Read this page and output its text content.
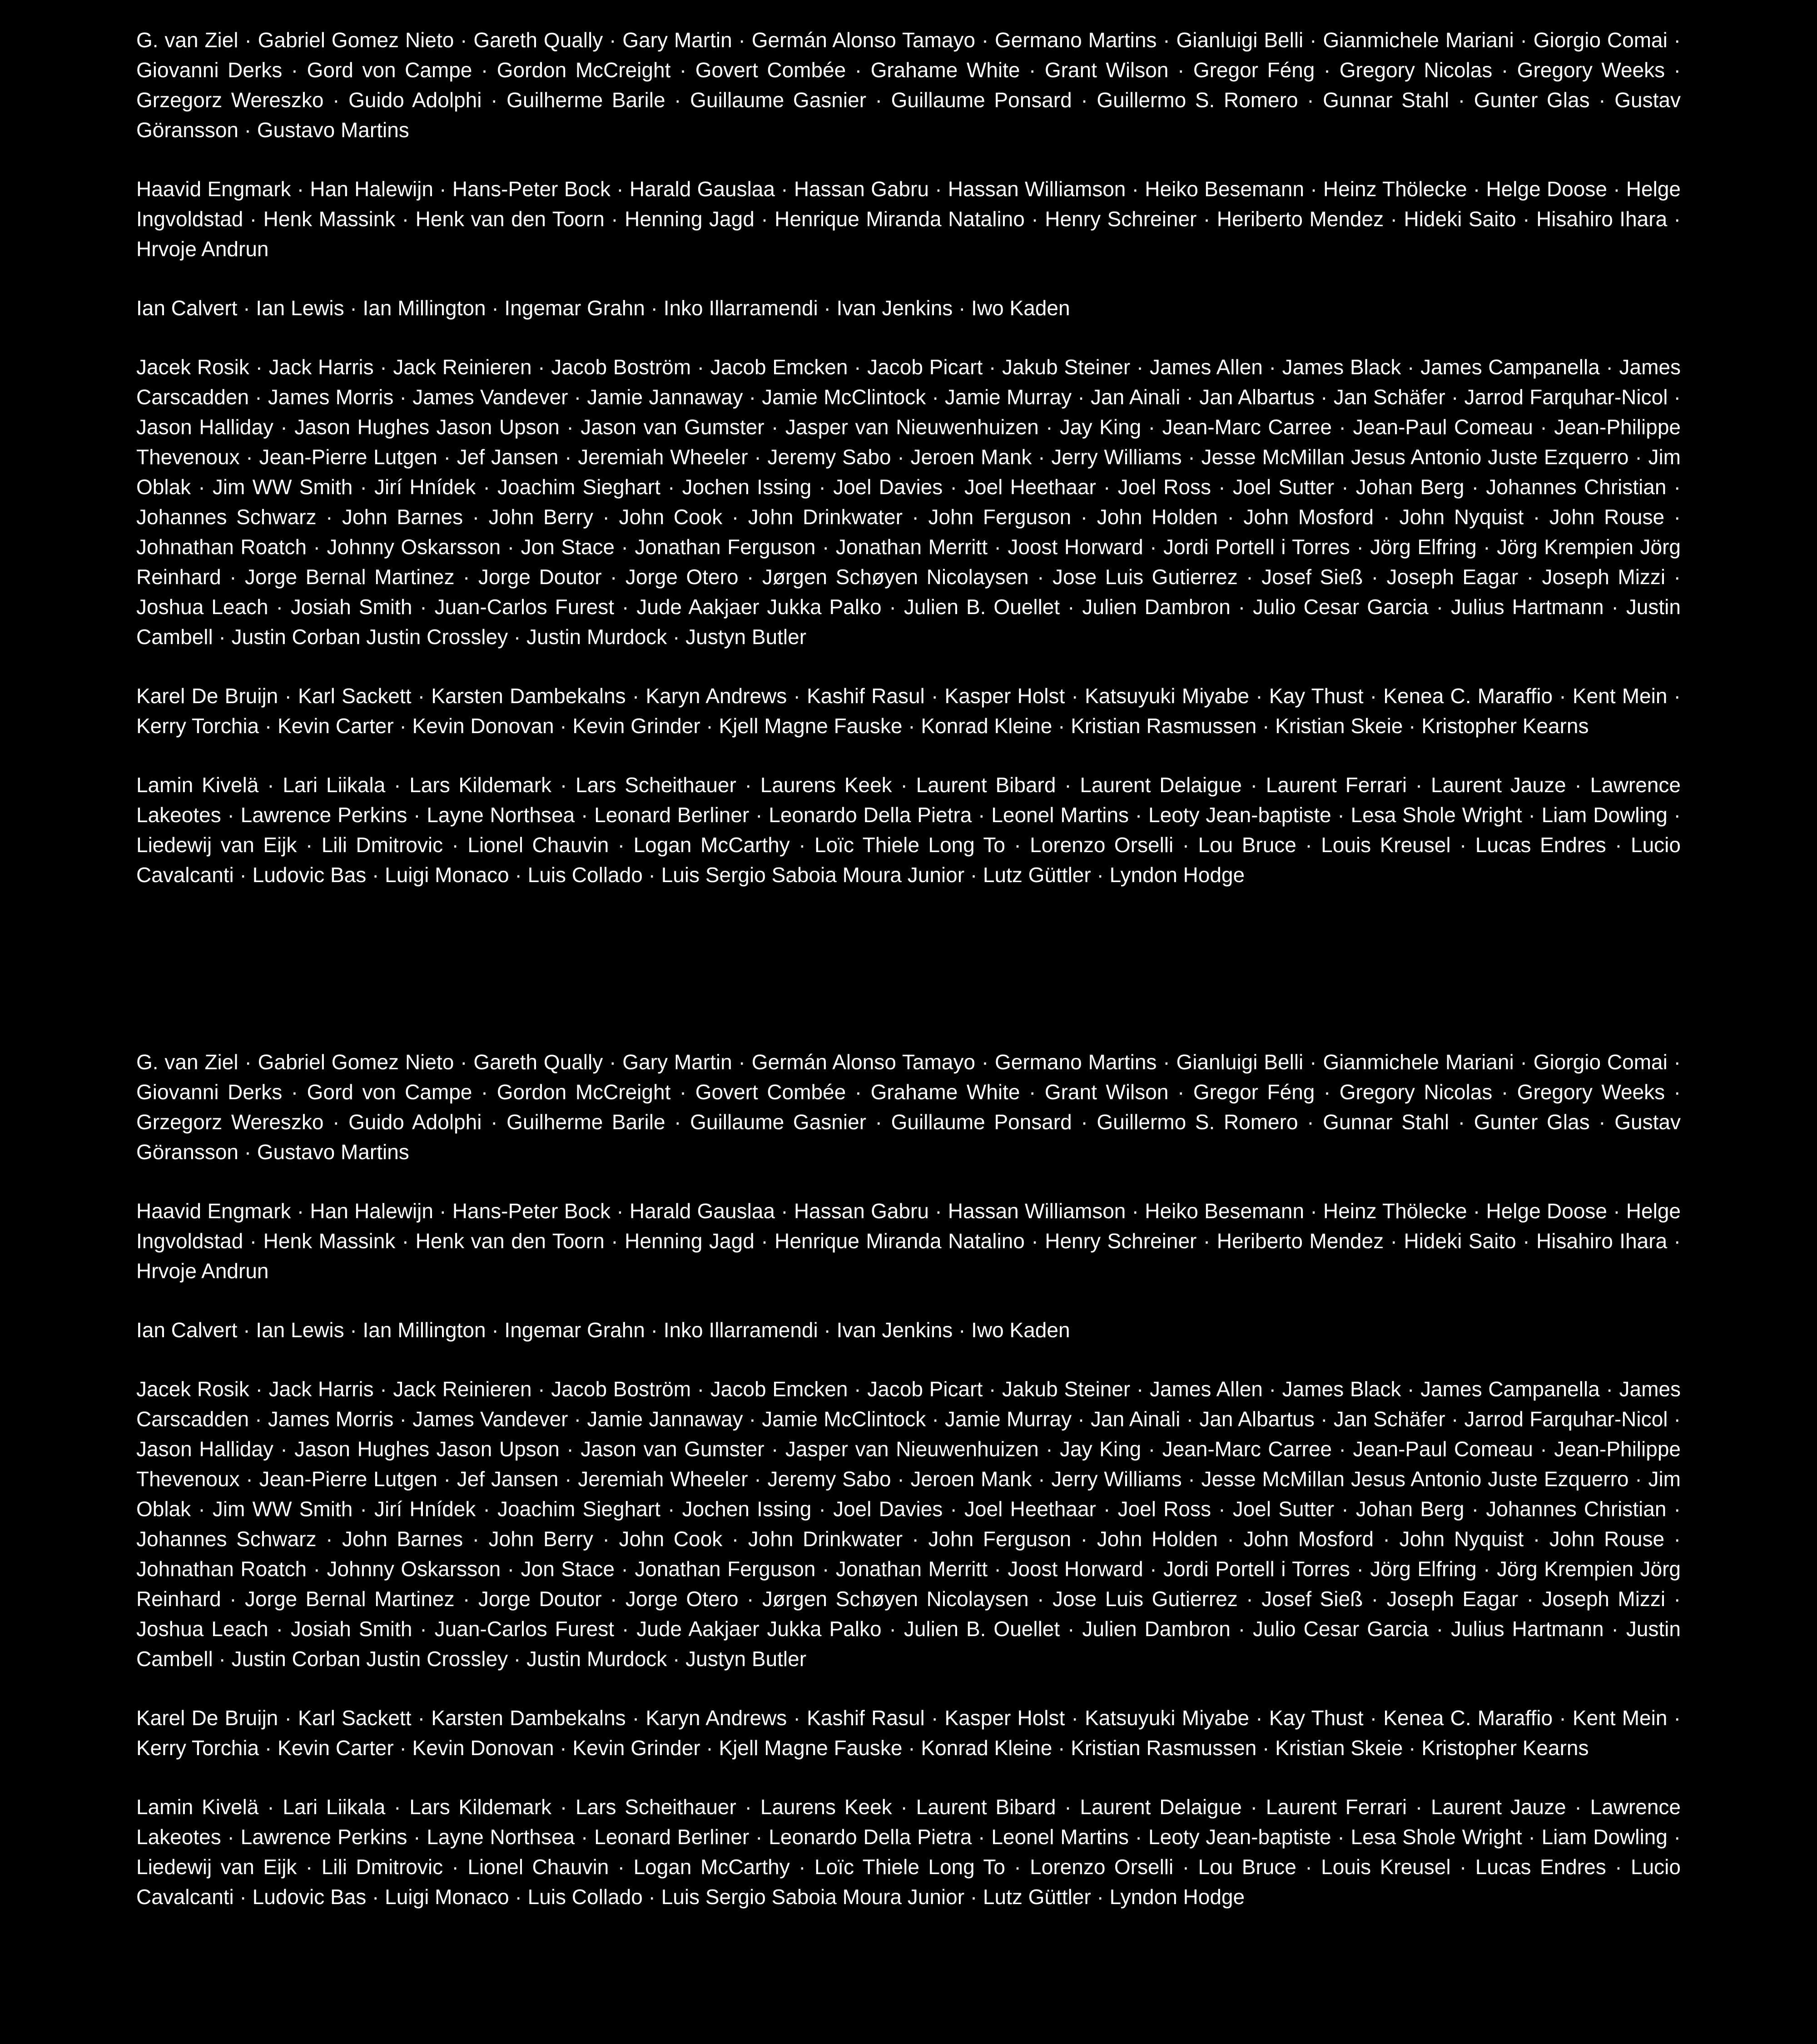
G. van Ziel · Gabriel Gomez Nieto · Gareth Qually · Gary Martin · Germán Alonso Tamayo · Germano Martins · Gianluigi Belli · Gianmichele Mariani · Giorgio Comai · Giovanni Derks · Gord von Campe · Gordon McCreight · Govert Combée · Grahame White · Grant Wilson · Gregor Féng · Gregory Nicolas · Gregory Weeks · Grzegorz Wereszko · Guido Adolphi · Guilherme Barile · Guillaume Gasnier · Guillaume Ponsard · Guillermo S. Romero · Gunnar Stahl · Gunter Glas · Gustav Göransson · Gustavo Martins

Haavid Engmark · Han Halewijn · Hans-Peter Bock · Harald Gauslaa · Hassan Gabru · Hassan Williamson · Heiko Besemann · Heinz Thölecke · Helge Doose · Helge Ingvoldstad · Henk Massink · Henk van den Toorn · Henning Jagd · Henrique Miranda Natalino · Henry Schreiner · Heriberto Mendez · Hideki Saito · Hisahiro Ihara · Hrvoje Andrun

Ian Calvert · Ian Lewis · Ian Millington · Ingemar Grahn · Inko Illarramendi · Ivan Jenkins · Iwo Kaden

Jacek Rosik · Jack Harris · Jack Reinieren · Jacob Boström · Jacob Emcken · Jacob Picart · Jakub Steiner · James Allen · James Black · James Campanella · James Carscadden · James Morris · James Vandever · Jamie Jannaway · Jamie McClintock · Jamie Murray · Jan Ainali · Jan Albartus · Jan Schäfer · Jarrod Farquhar-Nicol · Jason Halliday · Jason Hughes Jason Upson · Jason van Gumster · Jasper van Nieuwenhuizen · Jay King · Jean-Marc Carree · Jean-Paul Comeau · Jean-Philippe Thevenoux · Jean-Pierre Lutgen · Jef Jansen · Jeremiah Wheeler · Jeremy Sabo · Jeroen Mank · Jerry Williams · Jesse McMillan Jesus Antonio Juste Ezquerro · Jim Oblak · Jim WW Smith · Jirí Hnídek · Joachim Sieghart · Jochen Issing · Joel Davies · Joel Heethaar · Joel Ross · Joel Sutter · Johan Berg · Johannes Christian · Johannes Schwarz · John Barnes · John Berry · John Cook · John Drinkwater · John Ferguson · John Holden · John Mosford · John Nyquist · John Rouse · Johnathan Roatch · Johnny Oskarsson · Jon Stace · Jonathan Ferguson · Jonathan Merritt · Joost Horward · Jordi Portell i Torres · Jörg Elfring · Jörg Krempien Jörg Reinhard · Jorge Bernal Martinez · Jorge Doutor · Jorge Otero · Jørgen Schøyen Nicolaysen · Jose Luis Gutierrez · Josef Sieß · Joseph Eagar · Joseph Mizzi · Joshua Leach · Josiah Smith · Juan-Carlos Furest · Jude Aakjaer Jukka Palko · Julien B. Ouellet · Julien Dambron · Julio Cesar Garcia · Julius Hartmann · Justin Cambell · Justin Corban Justin Crossley · Justin Murdock · Justyn Butler

Karel De Bruijn · Karl Sackett · Karsten Dambekalns · Karyn Andrews · Kashif Rasul · Kasper Holst · Katsuyuki Miyabe · Kay Thust · Kenea C. Maraffio · Kent Mein · Kerry Torchia · Kevin Carter · Kevin Donovan · Kevin Grinder · Kjell Magne Fauske · Konrad Kleine · Kristian Rasmussen · Kristian Skeie · Kristopher Kearns

Lamin Kivelä · Lari Liikala · Lars Kildemark · Lars Scheithauer · Laurens Keek · Laurent Bibard · Laurent Delaigue · Laurent Ferrari · Laurent Jauze · Lawrence Lakeotes · Lawrence Perkins · Layne Northsea · Leonard Berliner · Leonardo Della Pietra · Leonel Martins · Leoty Jean-baptiste · Lesa Shole Wright · Liam Dowling · Liedewij van Eijk · Lili Dmitrovic · Lionel Chauvin · Logan McCarthy · Loïc Thiele Long To · Lorenzo Orselli · Lou Bruce · Louis Kreusel · Lucas Endres · Lucio Cavalcanti · Ludovic Bas · Luigi Monaco · Luis Collado · Luis Sergio Saboia Moura Junior · Lutz Güttler · Lyndon Hodge

G. van Ziel · Gabriel Gomez Nieto · Gareth Qually · Gary Martin · Germán Alonso Tamayo · Germano Martins · Gianluigi Belli · Gianmichele Mariani · Giorgio Comai · Giovanni Derks · Gord von Campe · Gordon McCreight · Govert Combée · Grahame White · Grant Wilson · Gregor Féng · Gregory Nicolas · Gregory Weeks · Grzegorz Wereszko · Guido Adolphi · Guilherme Barile · Guillaume Gasnier · Guillaume Ponsard · Guillermo S. Romero · Gunnar Stahl · Gunter Glas · Gustav Göransson · Gustavo Martins

Haavid Engmark · Han Halewijn · Hans-Peter Bock · Harald Gauslaa · Hassan Gabru · Hassan Williamson · Heiko Besemann · Heinz Thölecke · Helge Doose · Helge Ingvoldstad · Henk Massink · Henk van den Toorn · Henning Jagd · Henrique Miranda Natalino · Henry Schreiner · Heriberto Mendez · Hideki Saito · Hisahiro Ihara · Hrvoje Andrun

Ian Calvert · Ian Lewis · Ian Millington · Ingemar Grahn · Inko Illarramendi · Ivan Jenkins · Iwo Kaden

Jacek Rosik · Jack Harris · Jack Reinieren · Jacob Boström · Jacob Emcken · Jacob Picart · Jakub Steiner · James Allen · James Black · James Campanella · James Carscadden · James Morris · James Vandever · Jamie Jannaway · Jamie McClintock · Jamie Murray · Jan Ainali · Jan Albartus · Jan Schäfer · Jarrod Farquhar-Nicol · Jason Halliday · Jason Hughes Jason Upson · Jason van Gumster · Jasper van Nieuwenhuizen · Jay King · Jean-Marc Carree · Jean-Paul Comeau · Jean-Philippe Thevenoux · Jean-Pierre Lutgen · Jef Jansen · Jeremiah Wheeler · Jeremy Sabo · Jeroen Mank · Jerry Williams · Jesse McMillan Jesus Antonio Juste Ezquerro · Jim Oblak · Jim WW Smith · Jirí Hnídek · Joachim Sieghart · Jochen Issing · Joel Davies · Joel Heethaar · Joel Ross · Joel Sutter · Johan Berg · Johannes Christian · Johannes Schwarz · John Barnes · John Berry · John Cook · John Drinkwater · John Ferguson · John Holden · John Mosford · John Nyquist · John Rouse · Johnathan Roatch · Johnny Oskarsson · Jon Stace · Jonathan Ferguson · Jonathan Merritt · Joost Horward · Jordi Portell i Torres · Jörg Elfring · Jörg Krempien Jörg Reinhard · Jorge Bernal Martinez · Jorge Doutor · Jorge Otero · Jørgen Schøyen Nicolaysen · Jose Luis Gutierrez · Josef Sieß · Joseph Eagar · Joseph Mizzi · Joshua Leach · Josiah Smith · Juan-Carlos Furest · Jude Aakjaer Jukka Palko · Julien B. Ouellet · Julien Dambron · Julio Cesar Garcia · Julius Hartmann · Justin Cambell · Justin Corban Justin Crossley · Justin Murdock · Justyn Butler

Karel De Bruijn · Karl Sackett · Karsten Dambekalns · Karyn Andrews · Kashif Rasul · Kasper Holst · Katsuyuki Miyabe · Kay Thust · Kenea C. Maraffio · Kent Mein · Kerry Torchia · Kevin Carter · Kevin Donovan · Kevin Grinder · Kjell Magne Fauske · Konrad Kleine · Kristian Rasmussen · Kristian Skeie · Kristopher Kearns

Lamin Kivelä · Lari Liikala · Lars Kildemark · Lars Scheithauer · Laurens Keek · Laurent Bibard · Laurent Delaigue · Laurent Ferrari · Laurent Jauze · Lawrence Lakeotes · Lawrence Perkins · Layne Northsea · Leonard Berliner · Leonardo Della Pietra · Leonel Martins · Leoty Jean-baptiste · Lesa Shole Wright · Liam Dowling · Liedewij van Eijk · Lili Dmitrovic · Lionel Chauvin · Logan McCarthy · Loïc Thiele Long To · Lorenzo Orselli · Lou Bruce · Louis Kreusel · Lucas Endres · Lucio Cavalcanti · Ludovic Bas · Luigi Monaco · Luis Collado · Luis Sergio Saboia Moura Junior · Lutz Güttler · Lyndon Hodge
